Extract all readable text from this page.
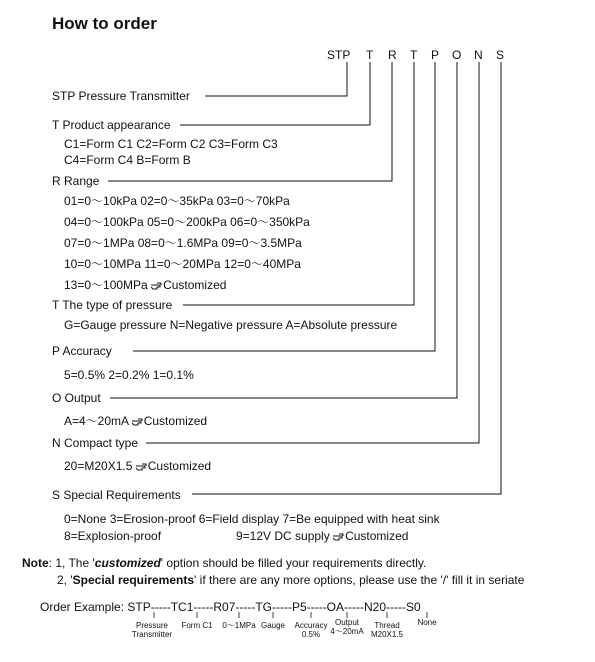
How to order
STP T R T P O N S
STP Pressure Transmitter
T Product appearance
C1=Form C1 C2=Form C2 C3=Form C3
C4=Form C4 B=Form B
R Range
01=0～10kPa 02=0～35kPa 03=0～70kPa
04=0～100kPa 05=0～200kPa 06=0～350kPa
07=0～1MPa 08=0～1.6MPa 09=0～3.5MPa
10=0～10MPa 11=0～20MPa 12=0～40MPa
13=0～100MPa Customized
T The type of pressure
G=Gauge pressure N=Negative pressure A=Absolute pressure
P Accuracy
5=0.5% 2=0.2% 1=0.1%
O Output
A=4～20mA Customized
N Compact type
20=M20X1.5 Customized
S Special Requirements
0=None 3=Erosion-proof 6=Field display 7=Be equipped with heat sink
8=Explosion-proof	9=12V DC supply Customized
Note: 1, The 'customized' option should be filled your requirements directly.
2, 'Special requirements' if there are any more options, please use the '/' fill it in seriate
Order Example: STP-----TC1-----R07-----TG-----P5-----OA-----N20-----S0
Pressure
Transmitter
Form C1	0～1MPa Gauge	Accuracy
0.5%
Output
4～20mA
Thread
M20X1.5
None
